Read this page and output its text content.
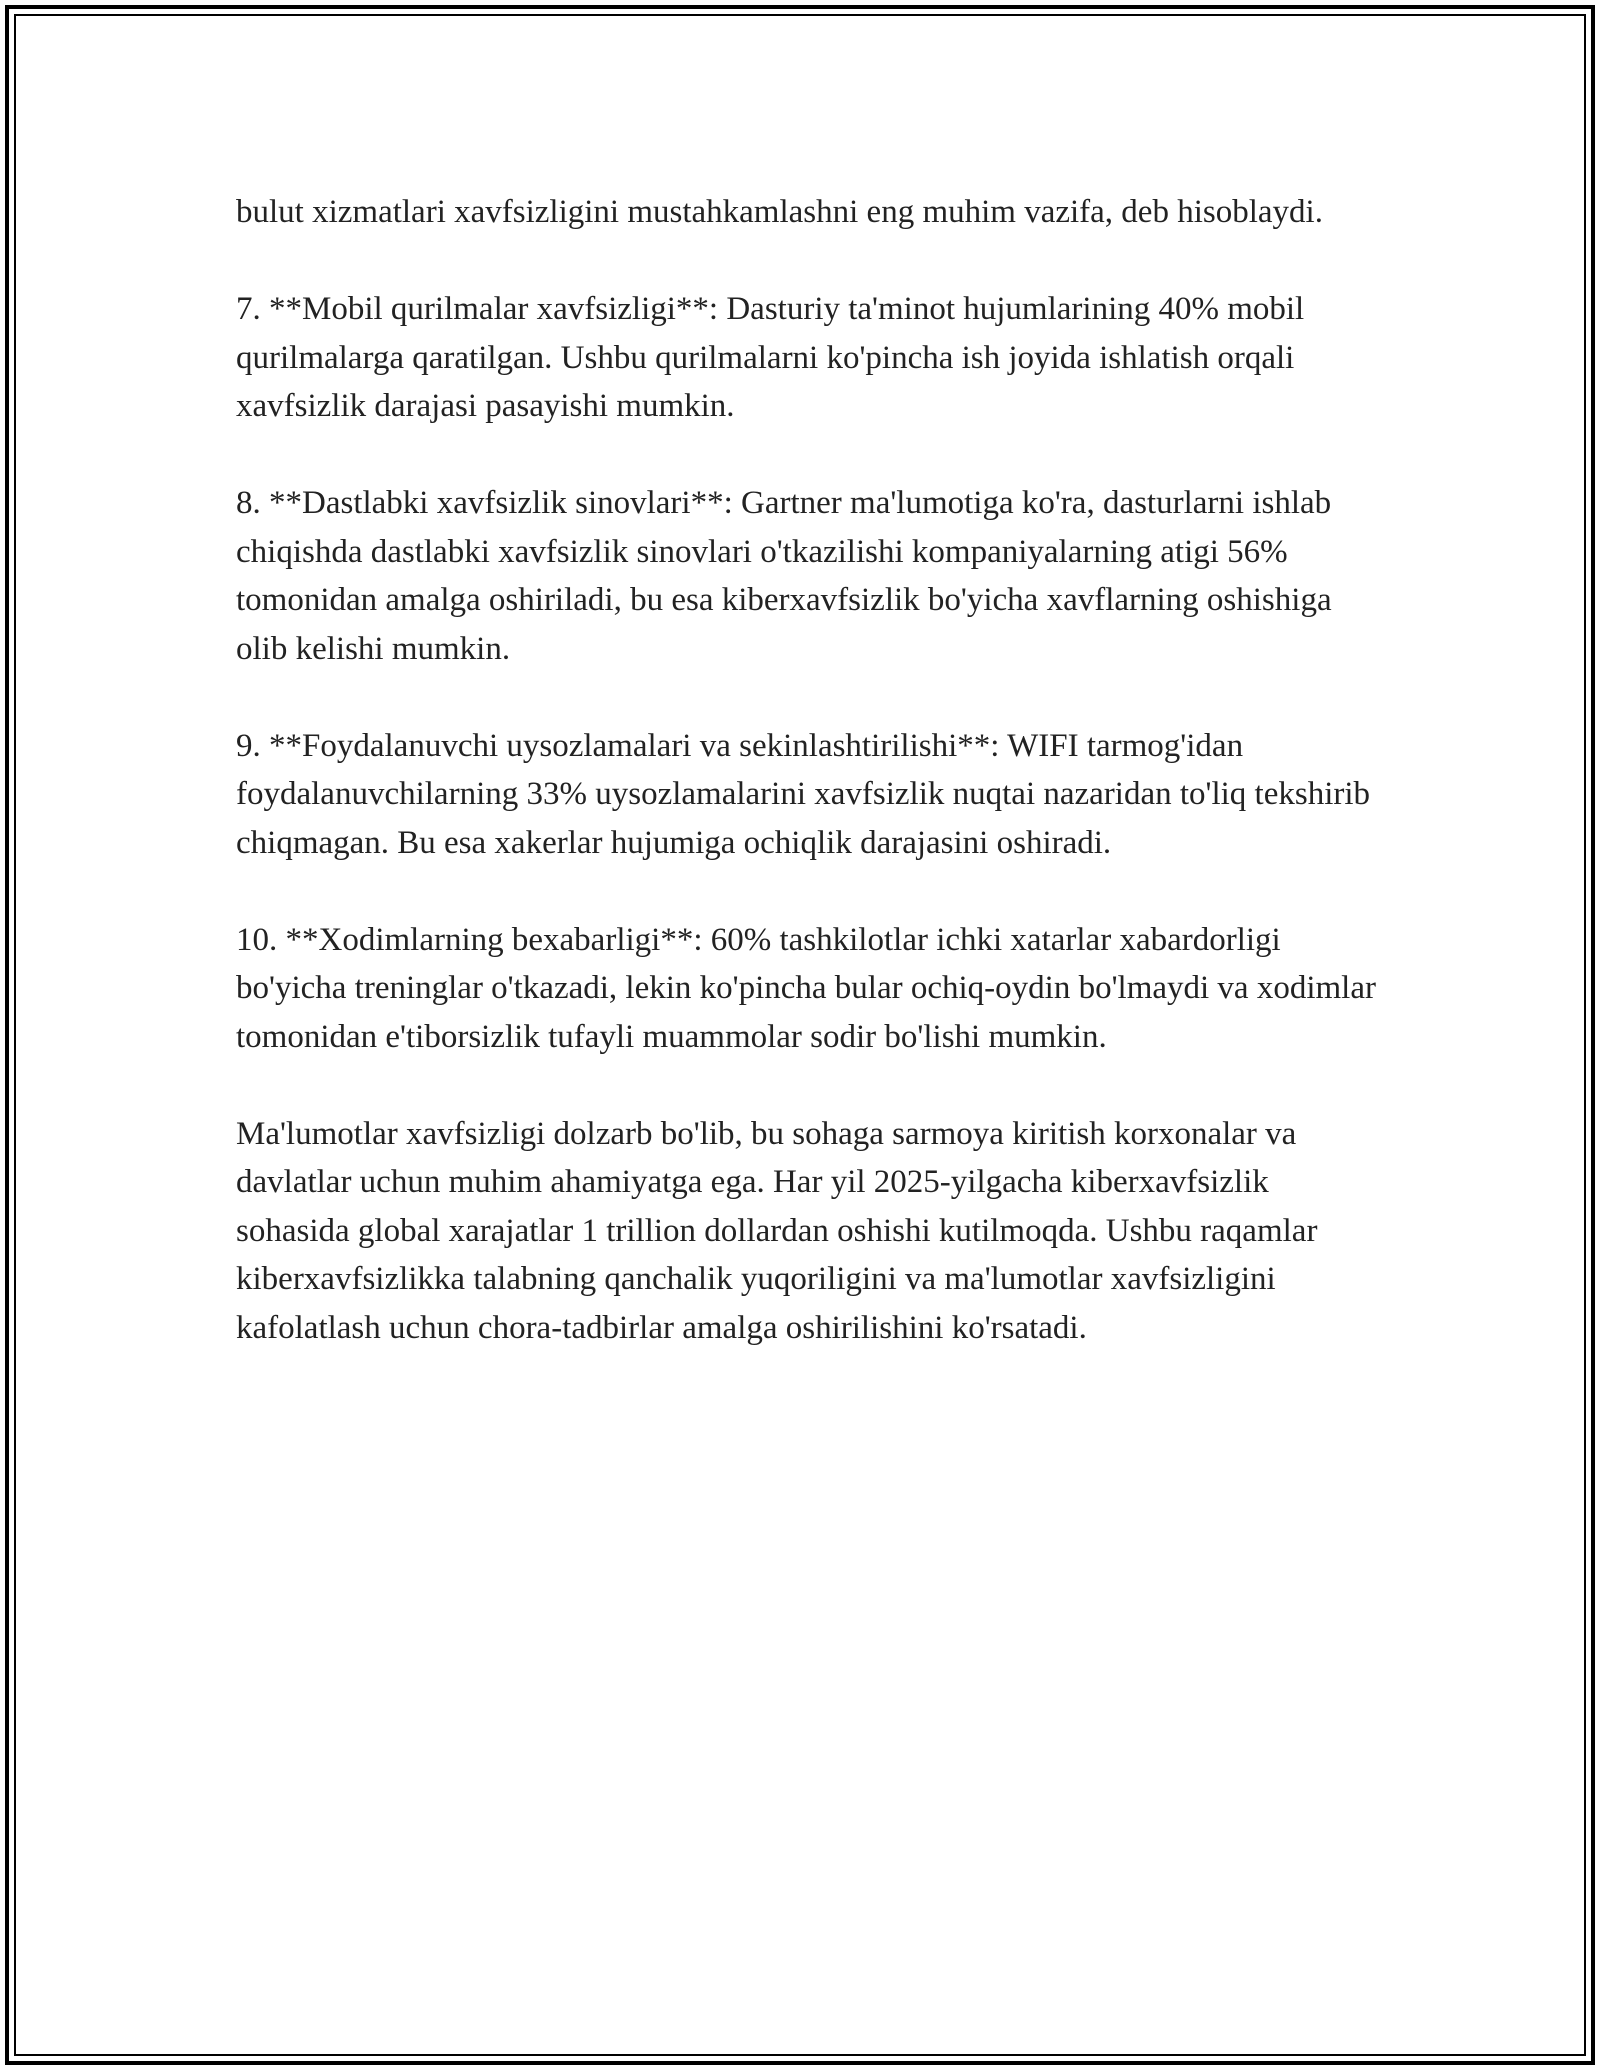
bulut xizmatlari xavfsizligini mustahkamlashni eng muhim vazifa, deb hisoblaydi.

7. **Mobil qurilmalar xavfsizligi**: Dasturiy ta'minot hujumlarining 40% mobil qurilmalarga qaratilgan. Ushbu qurilmalarni ko'pincha ish joyida ishlatish orqali xavfsizlik darajasi pasayishi mumkin.

8. **Dastlabki xavfsizlik sinovlari**: Gartner ma'lumotiga ko'ra, dasturlarni ishlab chiqishda dastlabki xavfsizlik sinovlari o'tkazilishi kompaniyalarning atigi 56% tomonidan amalga oshiriladi, bu esa kiberxavfsizlik bo'yicha xavflarning oshishiga olib kelishi mumkin.

9. **Foydalanuvchi uysozlamalari va sekinlashtirilishi**: WIFI tarmog'idan foydalanuvchilarning 33% uysozlamalarini xavfsizlik nuqtai nazaridan to'liq tekshirib chiqmagan. Bu esa xakerlar hujumiga ochiqlik darajasini oshiradi.

10. **Xodimlarning bexabarligi**: 60% tashkilotlar ichki xatarlar xabardorligi bo'yicha treninglar o'tkazadi, lekin ko'pincha bular ochiq-oydin bo'lmaydi va xodimlar tomonidan e'tiborsizlik tufayli muammolar sodir bo'lishi mumkin.

Ma'lumotlar xavfsizligi dolzarb bo'lib, bu sohaga sarmoya kiritish korxonalar va davlatlar uchun muhim ahamiyatga ega. Har yil 2025-yilgacha kiberxavfsizlik sohasida global xarajatlar 1 trillion dollardan oshishi kutilmoqda. Ushbu raqamlar kiberxavfsizlikka talabning qanchalik yuqoriligini va ma'lumotlar xavfsizligini kafolatlash uchun chora-tadbirlar amalga oshirilishini ko'rsatadi.
